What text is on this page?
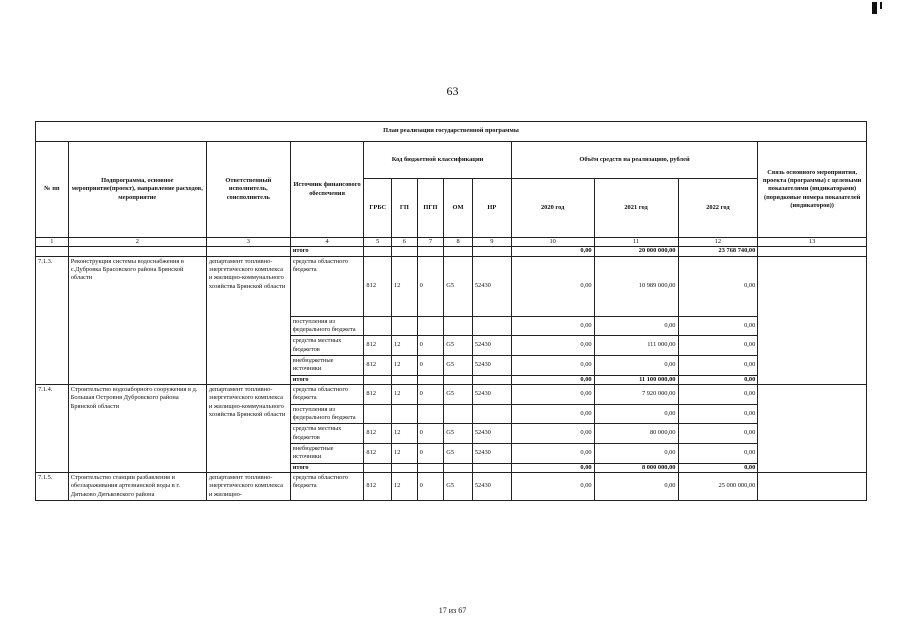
63
План реализации государственной программы												
№ пп	Подпрограмма, основное мероприятие(проект), направление расходов, мероприятие	Ответственный исполнитель, соисполнитель	Источник финансового обеспечения	Код бюджетной классификации					Объём средств на реализацию, рублей			Связь основного мероприятия, проекта (программы) с целевыми показателями (индикаторами) (порядковые номера показателей (индикаторов))
				ГРБС	ГП	ПГП	ОМ	НР	2020 год	2021 год	2022 год	
1	2	3	4	5	6	7	8	9	10	11	12	13
			итого						0,00	20 000 000,00	23 768 740,00	
7.1.3.	Реконструкция системы водоснабжения в с.Дубровка Брасовского района Брянской области	департамент топливно-энергетического комплекса и жилищно-коммунального хозяйства Брянской области	средства областного бюджета	812	12	0	G5	52430	0,00	10 989 000,00	0,00	
			поступления из федерального бюджета						0,00	0,00	0,00	
			средства местных бюджетов	812	12	0	G5	52430	0,00	111 000,00	0,00	
			внебюджетные источники	812	12	0	G5	52430	0,00	0,00	0,00	
			итого						0,00	11 100 000,00	0,00	
7.1.4.	Строительство водозаборного сооружения в д. Большая Островня Дубровского района Брянской области	департамент топливно-энергетического комплекса и жилищно-коммунального хозяйства Брянской области	средства областного бюджета	812	12	0	G5	52430	0,00	7 920 000,00	0,00	
			поступления из федерального бюджета						0,00	0,00	0,00	
			средства местных бюджетов	812	12	0	G5	52430	0,00	80 000,00	0,00	
			внебюджетные источники	812	12	0	G5	52430	0,00	0,00	0,00	
			итого						0,00	8 000 000,00	0,00	
7.1.5.	Строительство станции разбавления и обеззараживания артезианской воды в г. Дятьково Дятьковского района	департамент топливно-энергетического комплекса и жилищно-	средства областного бюджета	812	12	0	G5	52430	0,00	0,00	25 000 000,00	
17 из 67
